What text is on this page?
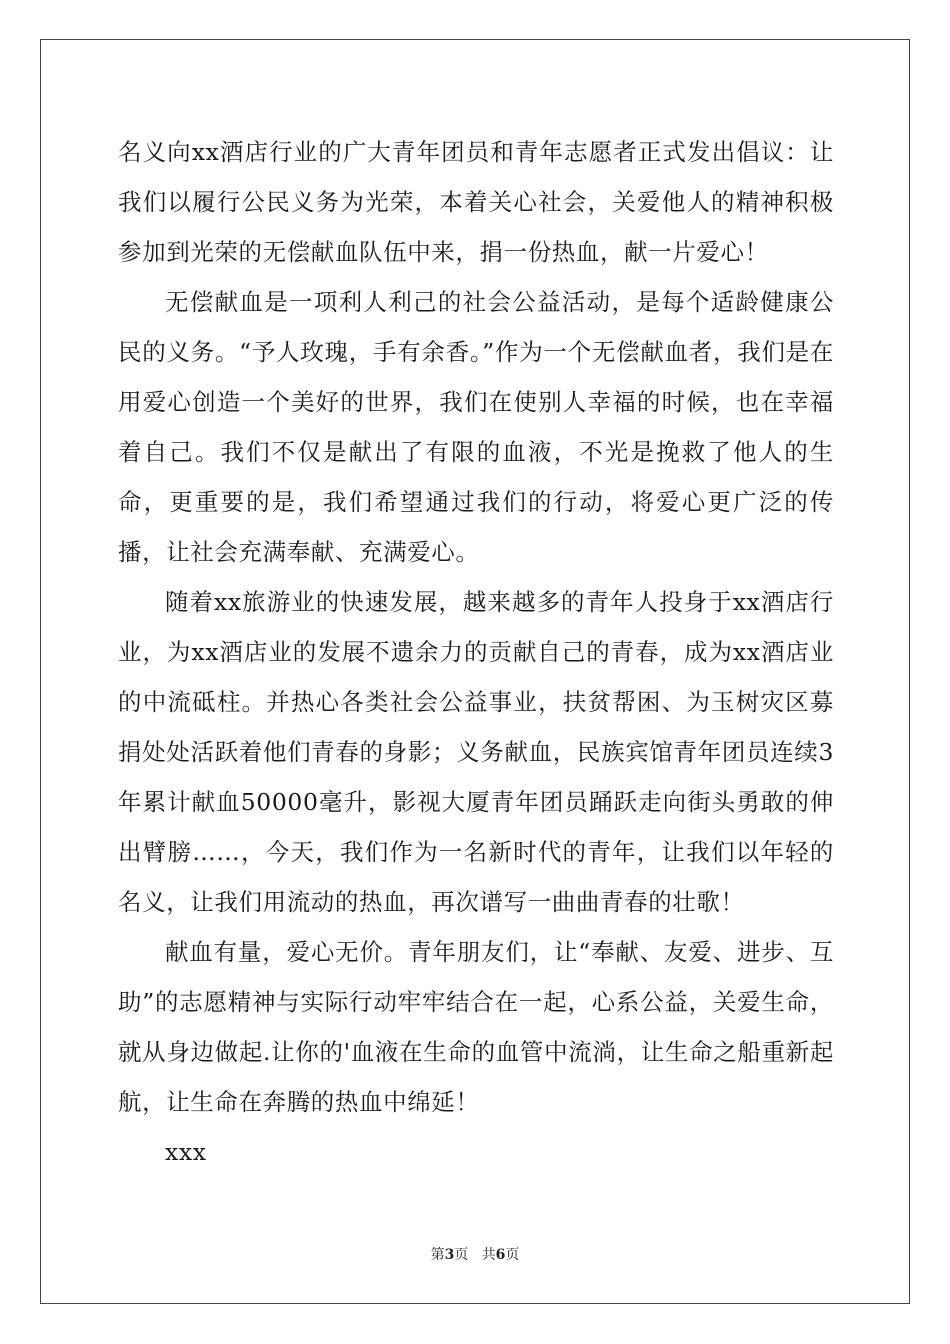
名义向xx酒店行业的广大青年团员和青年志愿者正式发出倡议：让我们以履行公民义务为光荣，本着关心社会，关爱他人的精神积极参加到光荣的无偿献血队伍中来，捐一份热血，献一片爱心！

无偿献血是一项利人利己的社会公益活动，是每个适龄健康公民的义务。“予人玫瑰，手有余香。”作为一个无偿献血者，我们是在用爱心创造一个美好的世界，我们在使别人幸福的时候，也在幸福着自己。我们不仅是献出了有限的血液，不光是挽救了他人的生命，更重要的是，我们希望通过我们的行动，将爱心更广泛的传播，让社会充满奉献、充满爱心。

随着xx旅游业的快速发展，越来越多的青年人投身于xx酒店行业，为xx酒店业的发展不遗余力的贡献自己的青春，成为xx酒店业的中流砥柱。并热心各类社会公益事业，扶贫帮困、为玉树灾区募捐处处活跃着他们青春的身影；义务献血，民族宾馆青年团员连续3年累计献血50000毫升，影视大厦青年团员踊跃走向街头勇敢的伸出臂膀……，今天，我们作为一名新时代的青年，让我们以年轻的名义，让我们用流动的热血，再次谱写一曲曲青春的壮歌！

献血有量，爱心无价。青年朋友们，让“奉献、友爱、进步、互助”的志愿精神与实际行动牢牢结合在一起，心系公益，关爱生命，就从身边做起.让你的'血液在生命的血管中流淌，让生命之船重新起航，让生命在奔腾的热血中绵延！

xxx

第3页 共6页
